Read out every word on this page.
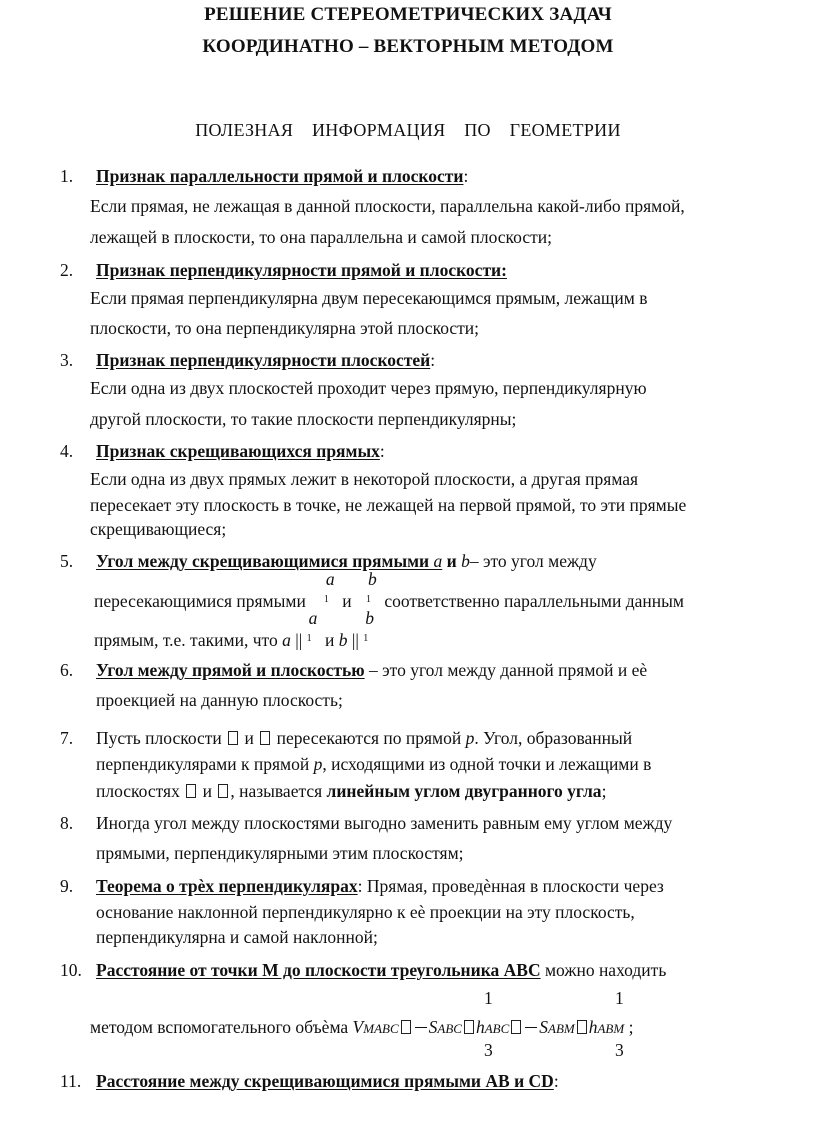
РЕШЕНИЕ СТЕРЕОМЕТРИЧЕСКИХ ЗАДАЧ
КООРДИНАТНО – ВЕКТОРНЫМ МЕТОДОМ
ПОЛЕЗНАЯ ИНФОРМАЦИЯ ПО ГЕОМЕТРИИ
1. Признак параллельности прямой и плоскости:
Если прямая, не лежащая в данной плоскости, параллельна какой-либо прямой,
лежащей в плоскости, то она параллельна и самой плоскости;
2. Признак перпендикулярности прямой и плоскости:
Если прямая перпендикулярна двум пересекающимся прямым, лежащим в
плоскости, то она перпендикулярна этой плоскости;
3. Признак перпендикулярности плоскостей:
Если одна из двух плоскостей проходит через прямую, перпендикулярную
другой плоскости, то такие плоскости перпендикулярны;
4. Признак скрещивающихся прямых:
Если одна из двух прямых лежит в некоторой плоскости, а другая прямая
пересекает эту плоскость в точке, не лежащей на первой прямой, то эти прямые
скрещивающиеся;
5. Угол между скрещивающимися прямыми a и b– это угол между
пересекающимися прямыми
a
1 и
b
1 соответственно параллельными данным
прямым, т.е. такими, что a ||
a
1 и b ||
b
1
6. Угол между прямой и плоскостью – это угол между данной прямой и еѐ
проекцией на данную плоскость;
7. Пусть плоскости и пересекаются по прямой p. Угол, образованный
перпендикулярами к прямой p, исходящими из одной точки и лежащими в
плоскостях и , называется линейным углом двугранного угла;
8. Иногда угол между плоскостями выгодно заменить равным ему углом между
прямыми, перпендикулярными этим плоскостям;
9. Теорема о трѐх перпендикулярах: Прямая, проведѐнная в плоскости через
основание наклонной перпендикулярно к еѐ проекции на эту плоскость,
перпендикулярна и самой наклонной;
10. Расстояние от точки М до плоскости треугольника АВС можно находить
1	1
3	3
методом вспомогательного объѐма VMABC SABC hABC SABM hABM ;
11. Расстояние между скрещивающимися прямыми АВ и CD:
